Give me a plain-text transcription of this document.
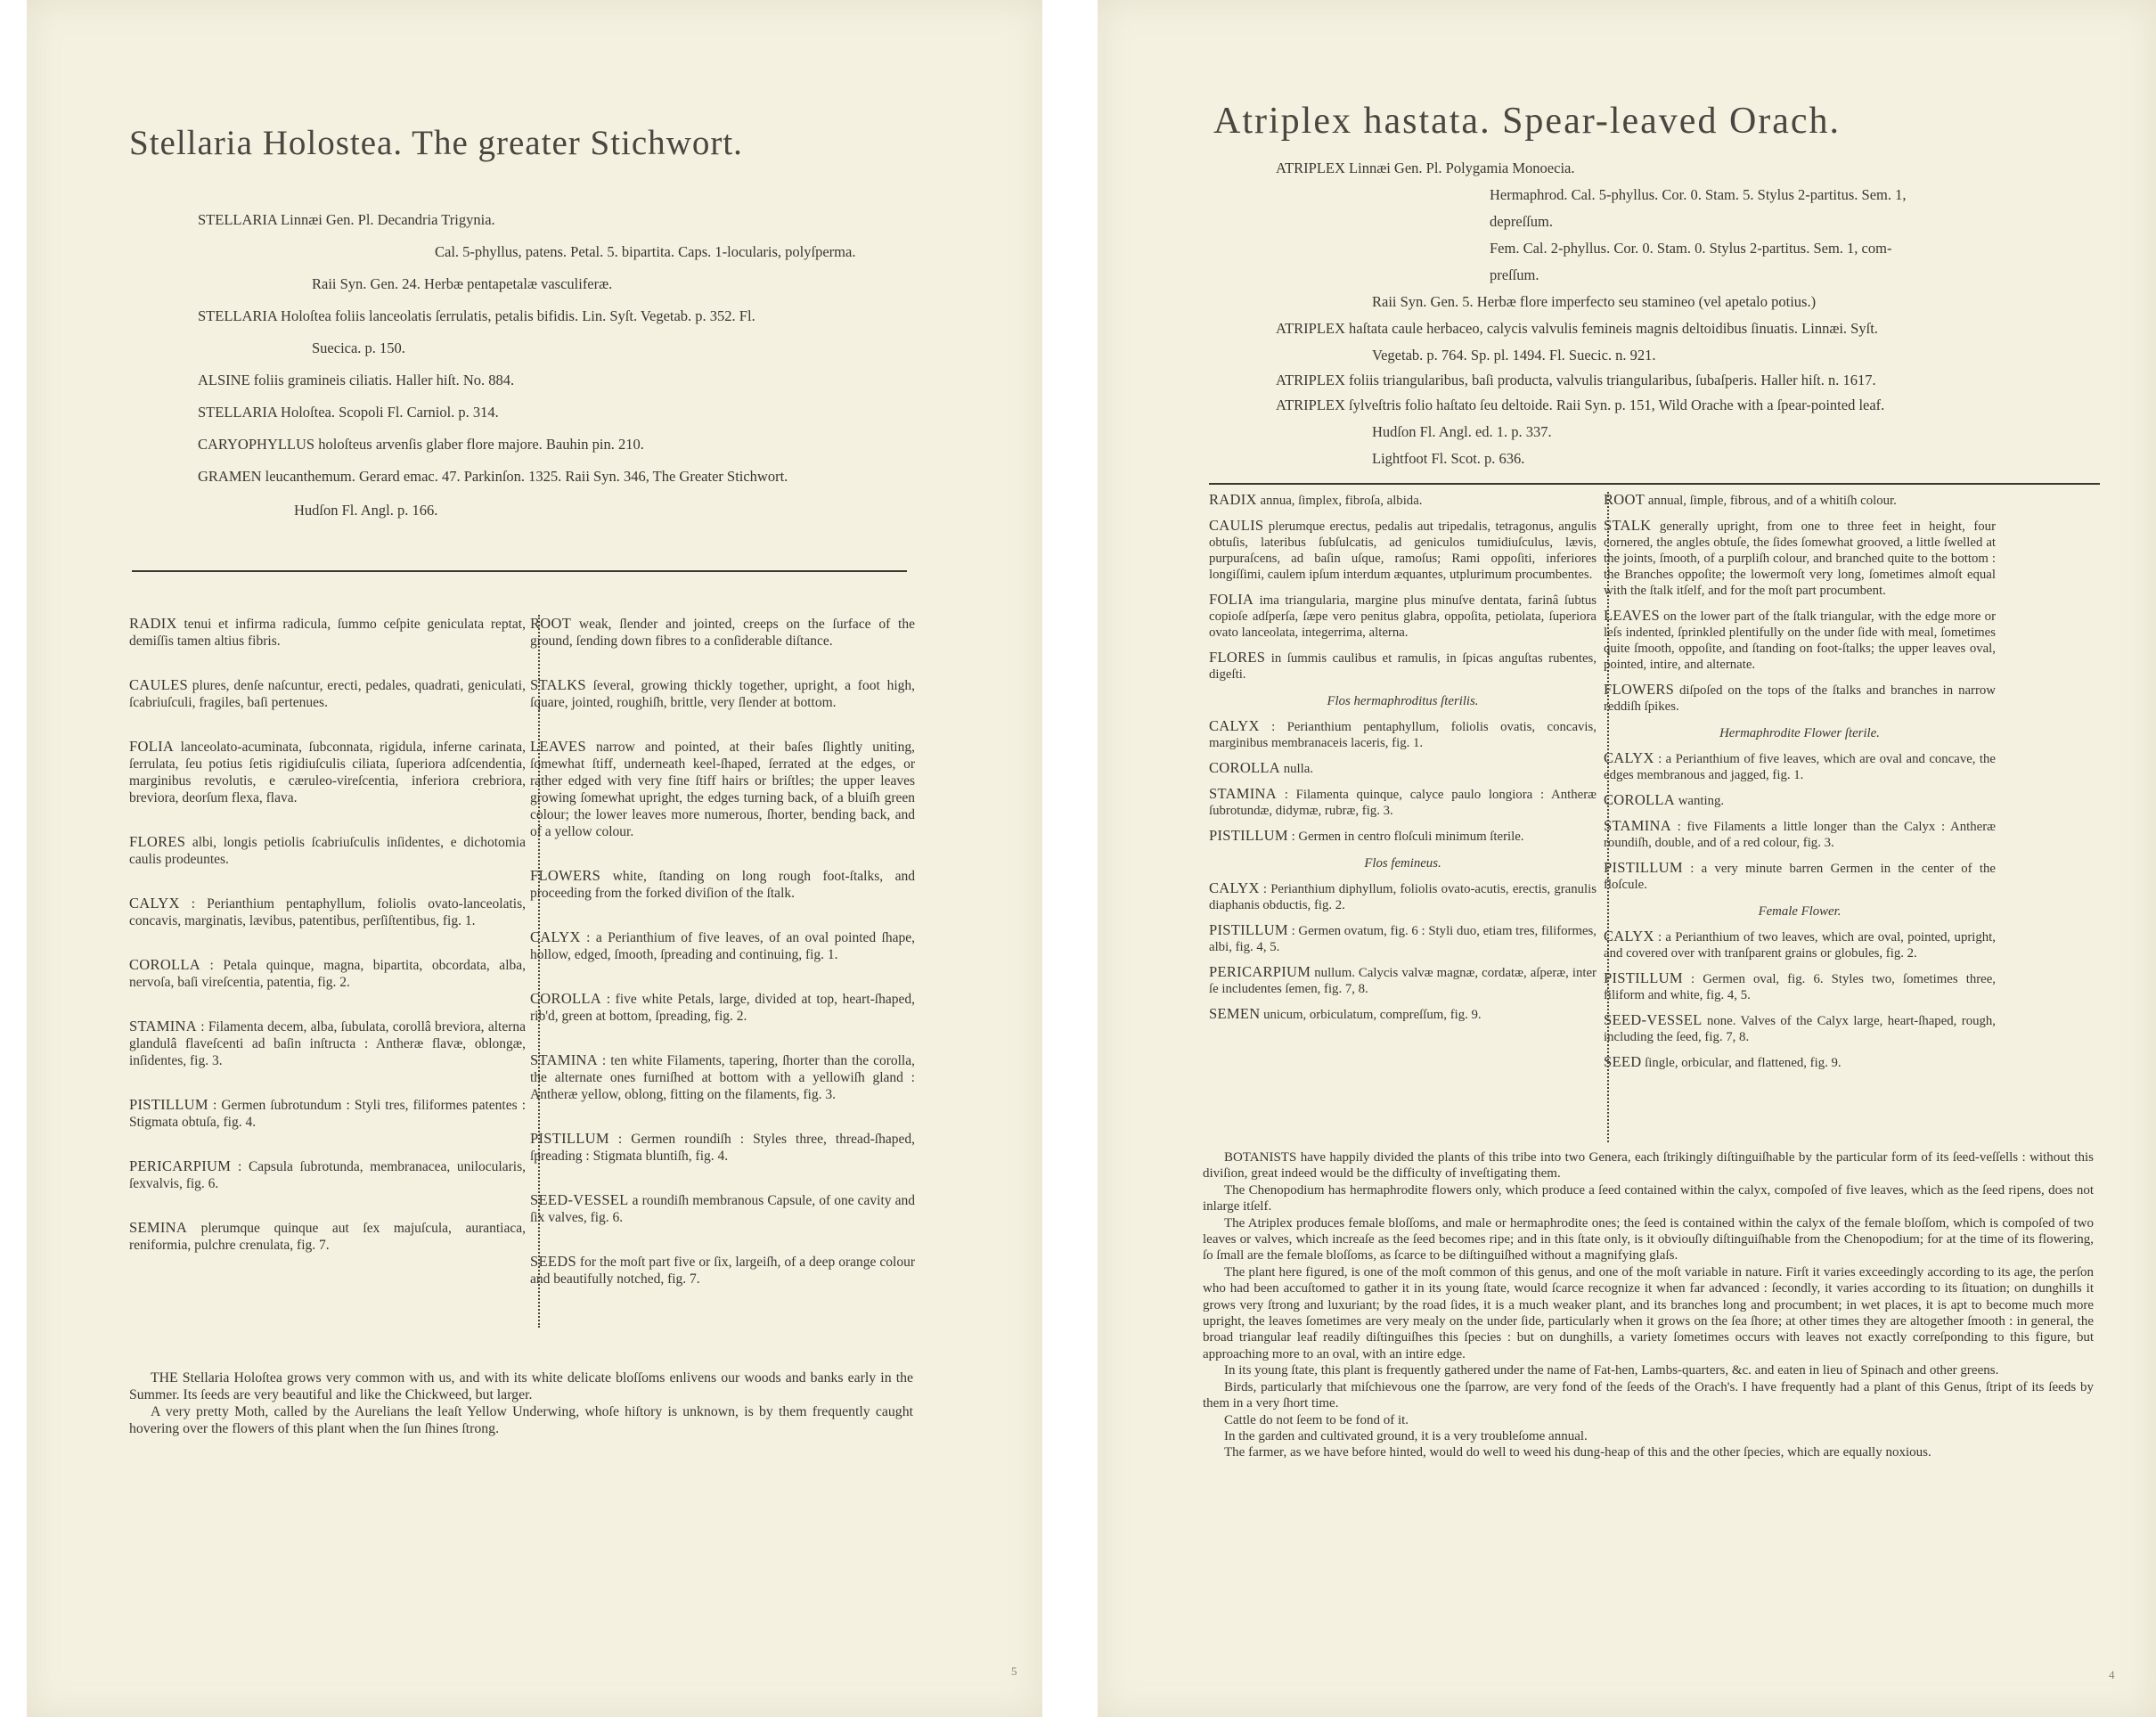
Stellaria Holostea. The greater Stichwort.
STELLARIA Linnæi Gen. Pl. Decandria Trigynia.
Cal. 5-phyllus, patens. Petal. 5. bipartita. Caps. 1-locularis, polyſperma.
Raii Syn. Gen. 24. Herbæ pentapetalæ vasculiferæ.
STELLARIA Holoſtea foliis lanceolatis ſerrulatis, petalis bifidis. Lin. Syſt. Vegetab. p. 352. Fl.
Suecica. p. 150.
ALSINE foliis gramineis ciliatis. Haller hiſt. No. 884.
STELLARIA Holoſtea. Scopoli Fl. Carniol. p. 314.
CARYOPHYLLUS holoſteus arvenſis glaber flore majore. Bauhin pin. 210.
GRAMEN leucanthemum. Gerard emac. 47. Parkinſon. 1325. Raii Syn. 346, The Greater Stichwort.
Hudſon Fl. Angl. p. 166.
RADIX tenui et infirma radicula, ſummo ceſpite geniculata reptat, demiſſis tamen altius fibris.
CAULES plures, denſe naſcuntur, erecti, pedales, quadrati, geniculati, ſcabriuſculi, fragiles, baſi pertenues.
FOLIA lanceolato-acuminata, ſubconnata, rigidula, inferne carinata, ſerrulata, ſeu potius ſetis rigidiuſculis ciliata, ſuperiora adſcendentia, marginibus revolutis, e cæruleo-vireſcentia, inferiora crebriora, breviora, deorſum flexa, flava.
FLORES albi, longis petiolis ſcabriuſculis inſidentes, e dichotomia caulis prodeuntes.
CALYX : Perianthium pentaphyllum, foliolis ovato-lanceolatis, concavis, marginatis, lævibus, patentibus, perſiſtentibus, fig. 1.
COROLLA : Petala quinque, magna, bipartita, obcordata, alba, nervoſa, baſi vireſcentia, patentia, fig. 2.
STAMINA : Filamenta decem, alba, ſubulata, corollâ breviora, alterna glandulâ flaveſcenti ad baſin inſtructa : Antheræ flavæ, oblongæ, inſidentes, fig. 3.
PISTILLUM : Germen ſubrotundum : Styli tres, filiformes patentes : Stigmata obtuſa, fig. 4.
PERICARPIUM : Capsula ſubrotunda, membranacea, unilocularis, ſexvalvis, fig. 6.
SEMINA plerumque quinque aut ſex majuſcula, aurantiaca, reniformia, pulchre crenulata, fig. 7.
ROOT weak, ſlender and jointed, creeps on the ſurface of the ground, ſending down fibres to a conſiderable diſtance.
STALKS ſeveral, growing thickly together, upright, a foot high, ſquare, jointed, roughiſh, brittle, very ſlender at bottom.
LEAVES narrow and pointed, at their baſes ſlightly uniting, ſomewhat ſtiff, underneath keel-ſhaped, ſerrated at the edges, or rather edged with very fine ſtiff hairs or briſtles; the upper leaves growing ſomewhat upright, the edges turning back, of a bluiſh green colour; the lower leaves more numerous, ſhorter, bending back, and of a yellow colour.
FLOWERS white, ſtanding on long rough foot-ſtalks, and proceeding from the forked diviſion of the ſtalk.
CALYX : a Perianthium of five leaves, of an oval pointed ſhape, hollow, edged, ſmooth, ſpreading and continuing, fig. 1.
COROLLA : five white Petals, large, divided at top, heart-ſhaped, rib'd, green at bottom, ſpreading, fig. 2.
STAMINA : ten white Filaments, tapering, ſhorter than the corolla, the alternate ones furniſhed at bottom with a yellowiſh gland : Antheræ yellow, oblong, fitting on the filaments, fig. 3.
PISTILLUM : Germen roundiſh : Styles three, thread-ſhaped, ſpreading : Stigmata bluntiſh, fig. 4.
SEED-VESSEL a roundiſh membranous Capsule, of one cavity and ſix valves, fig. 6.
SEEDS for the moſt part five or ſix, largeiſh, of a deep orange colour and beautifully notched, fig. 7.

THE Stellaria Holoſtea grows very common with us, and with its white delicate bloſſoms enlivens our woods and banks early in the Summer. Its ſeeds are very beautiful and like the Chickweed, but larger.

A very pretty Moth, called by the Aurelians the leaſt Yellow Underwing, whoſe hiſtory is unknown, is by them frequently caught hovering over the flowers of this plant when the ſun ſhines ſtrong.

5
Atriplex hastata. Spear-leaved Orach.
ATRIPLEX Linnæi Gen. Pl. Polygamia Monoecia.
Hermaphrod. Cal. 5-phyllus. Cor. 0. Stam. 5. Stylus 2-partitus. Sem. 1,
depreſſum.
Fem. Cal. 2-phyllus. Cor. 0. Stam. 0. Stylus 2-partitus. Sem. 1, com-
preſſum.
Raii Syn. Gen. 5. Herbæ flore imperfecto seu stamineo (vel apetalo potius.)
ATRIPLEX haſtata caule herbaceo, calycis valvulis femineis magnis deltoidibus ſinuatis. Linnæi. Syſt.
Vegetab. p. 764. Sp. pl. 1494. Fl. Suecic. n. 921.
ATRIPLEX foliis triangularibus, baſi producta, valvulis triangularibus, ſubaſperis. Haller hiſt. n. 1617.
ATRIPLEX ſylveſtris folio haſtato ſeu deltoide. Raii Syn. p. 151, Wild Orache with a ſpear-pointed leaf.
Hudſon Fl. Angl. ed. 1. p. 337.
Lightfoot Fl. Scot. p. 636.
RADIX annua, ſimplex, fibroſa, albida.
CAULIS plerumque erectus, pedalis aut tripedalis, tetragonus, angulis obtuſis, lateribus ſubſulcatis, ad geniculos tumidiuſculus, lævis, purpuraſcens, ad baſin uſque, ramoſus; Rami oppoſiti, inferiores longiſſimi, caulem ipſum interdum æquantes, utplurimum procumbentes.
FOLIA ima triangularia, margine plus minuſve dentata, farinâ ſubtus copioſe adſperſa, ſæpe vero penitus glabra, oppoſita, petiolata, ſuperiora ovato lanceolata, integerrima, alterna.
FLORES in ſummis caulibus et ramulis, in ſpicas anguſtas rubentes, digeſti.
Flos hermaphroditus ſterilis.
CALYX : Perianthium pentaphyllum, foliolis ovatis, concavis, marginibus membranaceis laceris, fig. 1.
COROLLA nulla.
STAMINA : Filamenta quinque, calyce paulo longiora : Antheræ ſubrotundæ, didymæ, rubræ, fig. 3.
PISTILLUM : Germen in centro floſculi minimum ſterile.
Flos femineus.
CALYX : Perianthium diphyllum, foliolis ovato-acutis, erectis, granulis diaphanis obductis, fig. 2.
PISTILLUM : Germen ovatum, fig. 6 : Styli duo, etiam tres, filiformes, albi, fig. 4, 5.
PERICARPIUM nullum. Calycis valvæ magnæ, cordatæ, aſperæ, inter ſe includentes ſemen, fig. 7, 8.
SEMEN unicum, orbiculatum, compreſſum, fig. 9.
ROOT annual, ſimple, fibrous, and of a whitiſh colour.
STALK generally upright, from one to three feet in height, four cornered, the angles obtuſe, the ſides ſomewhat grooved, a little ſwelled at the joints, ſmooth, of a purpliſh colour, and branched quite to the bottom : the Branches oppoſite; the lowermoſt very long, ſometimes almoſt equal with the ſtalk itſelf, and for the moſt part procumbent.
LEAVES on the lower part of the ſtalk triangular, with the edge more or leſs indented, ſprinkled plentifully on the under ſide with meal, ſometimes quite ſmooth, oppoſite, and ſtanding on foot-ſtalks; the upper leaves oval, pointed, intire, and alternate.
FLOWERS diſpoſed on the tops of the ſtalks and branches in narrow reddiſh ſpikes.
Hermaphrodite Flower ſterile.
CALYX : a Perianthium of five leaves, which are oval and concave, the edges membranous and jagged, fig. 1.
COROLLA wanting.
STAMINA : five Filaments a little longer than the Calyx : Antheræ roundiſh, double, and of a red colour, fig. 3.
PISTILLUM : a very minute barren Germen in the center of the floſcule.
Female Flower.
CALYX : a Perianthium of two leaves, which are oval, pointed, upright, and covered over with tranſparent grains or globules, fig. 2.
PISTILLUM : Germen oval, fig. 6. Styles two, ſometimes three, filiform and white, fig. 4, 5.
SEED-VESSEL none. Valves of the Calyx large, heart-ſhaped, rough, including the ſeed, fig. 7, 8.
SEED ſingle, orbicular, and flattened, fig. 9.

BOTANISTS have happily divided the plants of this tribe into two Genera, each ſtrikingly diſtinguiſhable by the particular form of its ſeed-veſſells : without this diviſion, great indeed would be the difficulty of inveſtigating them.

The Chenopodium has hermaphrodite flowers only, which produce a ſeed contained within the calyx, compoſed of five leaves, which as the ſeed ripens, does not inlarge itſelf.

The Atriplex produces female bloſſoms, and male or hermaphrodite ones; the ſeed is contained within the calyx of the female bloſſom, which is compoſed of two leaves or valves, which increaſe as the ſeed becomes ripe; and in this ſtate only, is it obviouſly diſtinguiſhable from the Chenopodium; for at the time of its flowering, ſo ſmall are the female bloſſoms, as ſcarce to be diſtinguiſhed without a magnifying glaſs.

The plant here figured, is one of the moſt common of this genus, and one of the moſt variable in nature. Firſt it varies exceedingly according to its age, the perſon who had been accuſtomed to gather it in its young ſtate, would ſcarce recognize it when far advanced : ſecondly, it varies according to its ſituation; on dunghills it grows very ſtrong and luxuriant; by the road ſides, it is a much weaker plant, and its branches long and procumbent; in wet places, it is apt to become much more upright, the leaves ſometimes are very mealy on the under ſide, particularly when it grows on the ſea ſhore; at other times they are altogether ſmooth : in general, the broad triangular leaf readily diſtinguiſhes this ſpecies : but on dunghills, a variety ſometimes occurs with leaves not exactly correſponding to this figure, but approaching more to an oval, with an intire edge.

In its young ſtate, this plant is frequently gathered under the name of Fat-hen, Lambs-quarters, &c. and eaten in lieu of Spinach and other greens.

Birds, particularly that miſchievous one the ſparrow, are very fond of the ſeeds of the Orach's. I have frequently had a plant of this Genus, ſtript of its ſeeds by them in a very ſhort time.

Cattle do not ſeem to be fond of it.

In the garden and cultivated ground, it is a very troubleſome annual.

The farmer, as we have before hinted, would do well to weed his dung-heap of this and the other ſpecies, which are equally noxious.

4
